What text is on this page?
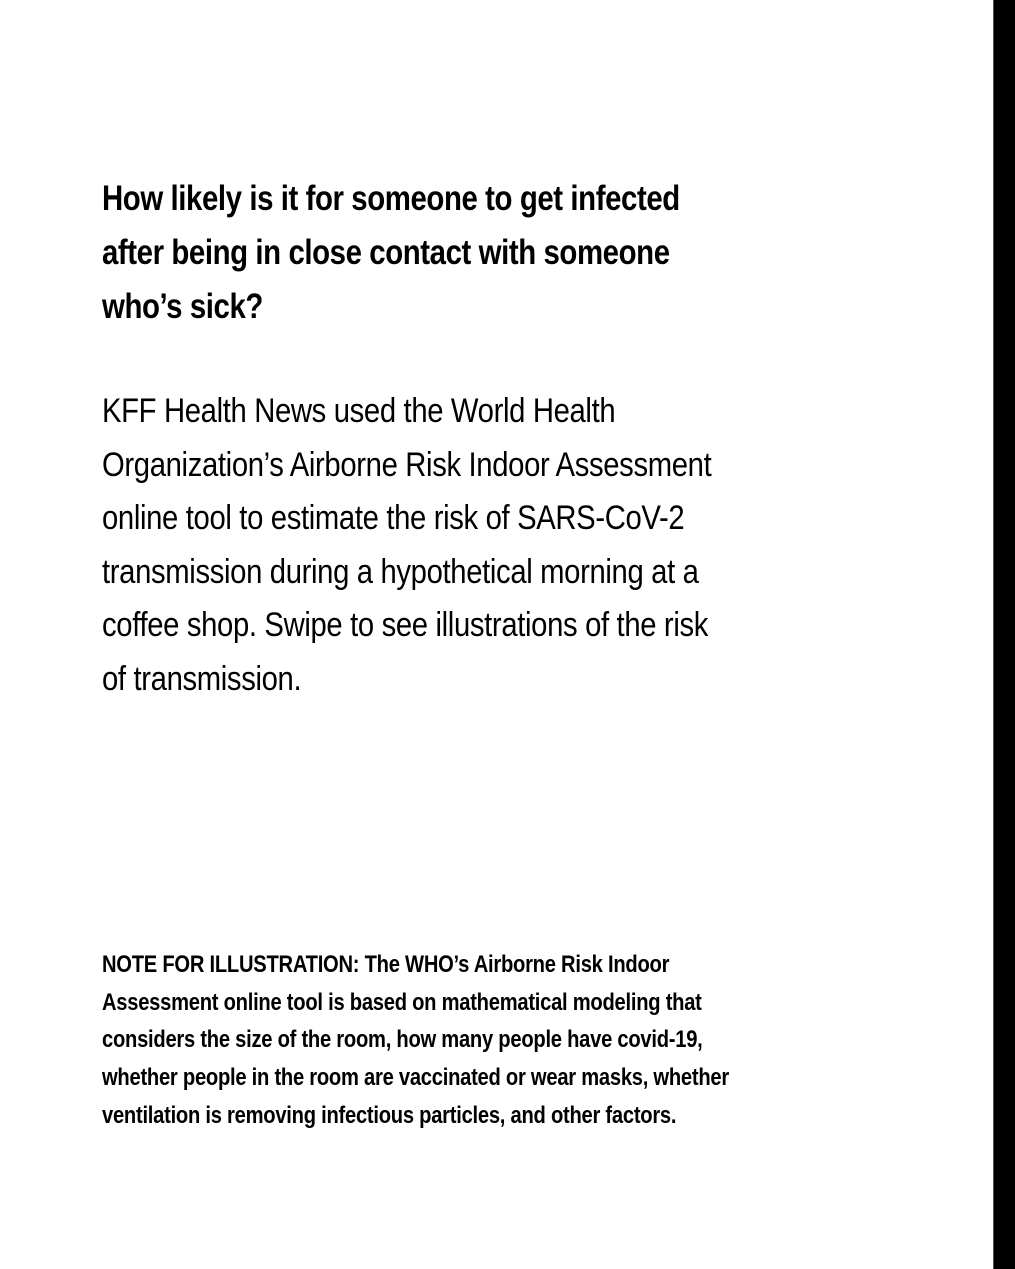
How likely is it for someone to get infected
after being in close contact with someone
who’s sick?

KFF Health News used the World Health
Organization’s Airborne Risk Indoor Assessment
online tool to estimate the risk of SARS-CoV-2
transmission during a hypothetical morning at a
coffee shop. Swipe to see illustrations of the risk
of transmission.

NOTE FOR ILLUSTRATION: The WHO’s Airborne Risk Indoor
Assessment online tool is based on mathematical modeling that
considers the size of the room, how many people have covid-19,
whether people in the room are vaccinated or wear masks, whether
ventilation is removing infectious particles, and other factors.
